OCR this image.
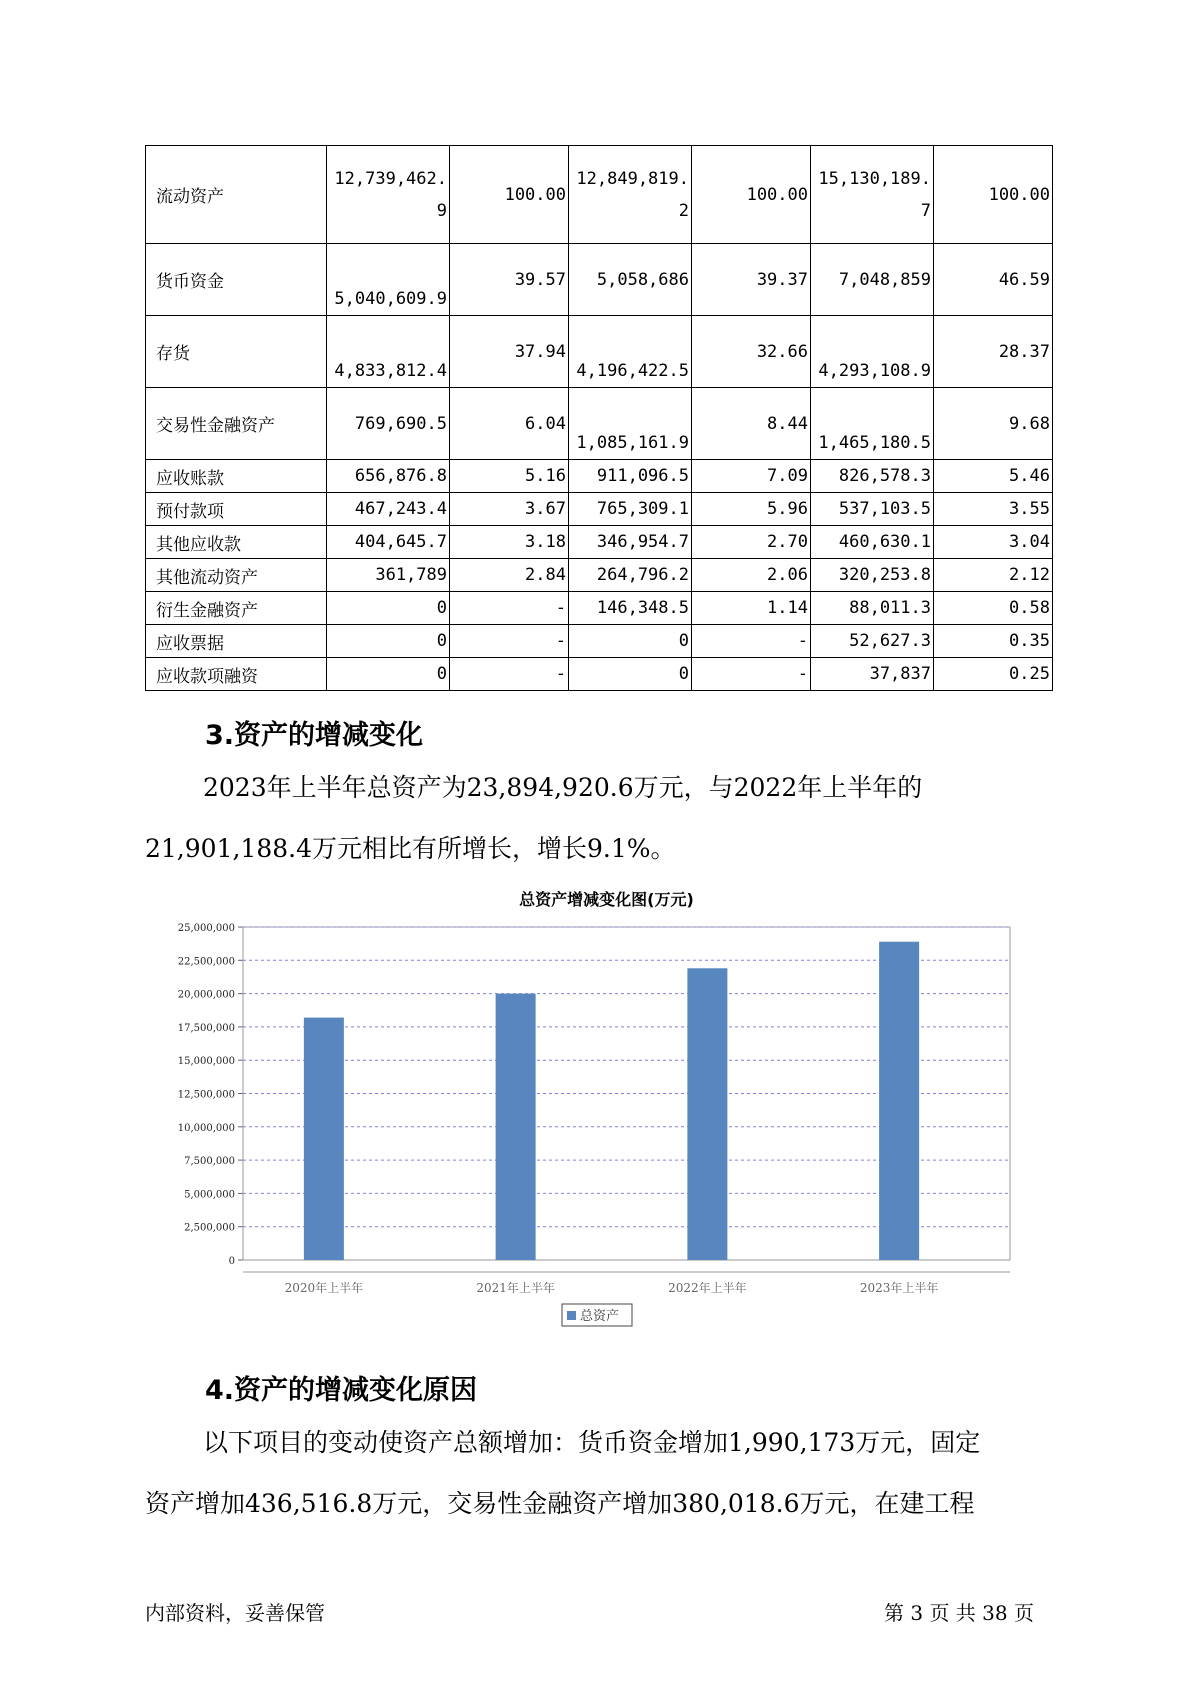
流动资产	12,739,462.9	100.00	12,849,819.2	100.00	15,130,189.7	100.00
货币资金	5,040,609.9	39.57	5,058,686	39.37	7,048,859	46.59
存货	4,833,812.4	37.94	4,196,422.5	32.66	4,293,108.9	28.37
交易性金融资产	769,690.5	6.04	1,085,161.9	8.44	1,465,180.5	9.68
应收账款	656,876.8	5.16	911,096.5	7.09	826,578.3	5.46
预付款项	467,243.4	3.67	765,309.1	5.96	537,103.5	3.55
其他应收款	404,645.7	3.18	346,954.7	2.70	460,630.1	3.04
其他流动资产	361,789	2.84	264,796.2	2.06	320,253.8	2.12
衍生金融资产	0	-	146,348.5	1.14	88,011.3	0.58
应收票据	0	-	0	-	52,627.3	0.35
应收款项融资	0	-	0	-	37,837	0.25
3.资产的增减变化

2023年上半年总资产为23,894,920.6万元，与2022年上半年的

21,901,188.4万元相比有所增长，增长9.1%。

总资产增减变化图(万元)
0
2,500,000
5,000,000
7,500,000
10,000,000
12,500,000
15,000,000
17,500,000
20,000,000
22,500,000
25,000,000
2020年上半年	2021年上半年	2022年上半年	2023年上半年
总资产
4.资产的增减变化原因

以下项目的变动使资产总额增加：货币资金增加1,990,173万元，固定

资产增加436,516.8万元，交易性金融资产增加380,018.6万元，在建工程

内部资料，妥善保管	第 3 页 共 38 页
